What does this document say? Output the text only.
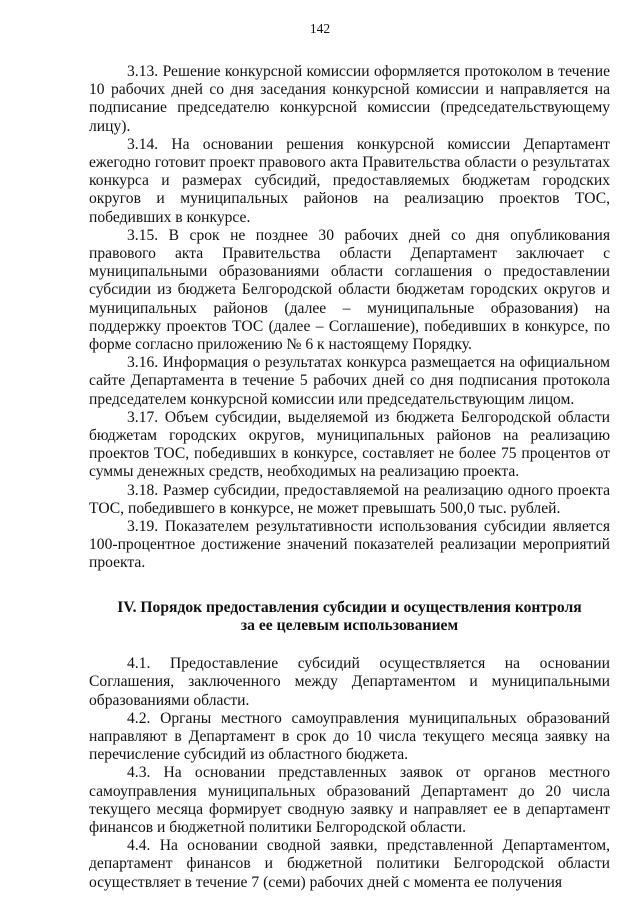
142

3.13. Решение конкурсной комиссии оформляется протоколом в течение 10 рабочих дней со дня заседания конкурсной комиссии и направляется на подписание председателю конкурсной комиссии (председательствующему лицу).

3.14. На основании решения конкурсной комиссии Департамент ежегодно готовит проект правового акта Правительства области о результатах конкурса и размерах субсидий, предоставляемых бюджетам городских округов и муниципальных районов на реализацию проектов ТОС, победивших в конкурсе.

3.15. В срок не позднее 30 рабочих дней со дня опубликования правового акта Правительства области Департамент заключает с муниципальными образованиями области соглашения о предоставлении субсидии из бюджета Белгородской области бюджетам городских округов и муниципальных районов (далее – муниципальные образования) на поддержку проектов ТОС (далее – Соглашение), победивших в конкурсе, по форме согласно приложению № 6 к настоящему Порядку.

3.16. Информация о результатах конкурса размещается на официальном сайте Департамента в течение 5 рабочих дней со дня подписания протокола председателем конкурсной комиссии или председательствующим лицом.

3.17. Объем субсидии, выделяемой из бюджета Белгородской области бюджетам городских округов, муниципальных районов на реализацию проектов ТОС, победивших в конкурсе, составляет не более 75 процентов от суммы денежных средств, необходимых на реализацию проекта.

3.18. Размер субсидии, предоставляемой на реализацию одного проекта ТОС, победившего в конкурсе, не может превышать 500,0 тыс. рублей.

3.19. Показателем результативности использования субсидии является 100-процентное достижение значений показателей реализации мероприятий проекта.

IV. Порядок предоставления субсидии и осуществления контроля
за ее целевым использованием

4.1. Предоставление субсидий осуществляется на основании Соглашения, заключенного между Департаментом и муниципальными образованиями области.

4.2. Органы местного самоуправления муниципальных образований направляют в Департамент в срок до 10 числа текущего месяца заявку на перечисление субсидий из областного бюджета.

4.3. На основании представленных заявок от органов местного самоуправления муниципальных образований Департамент до 20 числа текущего месяца формирует сводную заявку и направляет ее в департамент финансов и бюджетной политики Белгородской области.

4.4. На основании сводной заявки, представленной Департаментом, департамент финансов и бюджетной политики Белгородской области осуществляет в течение 7 (семи) рабочих дней с момента ее получения
